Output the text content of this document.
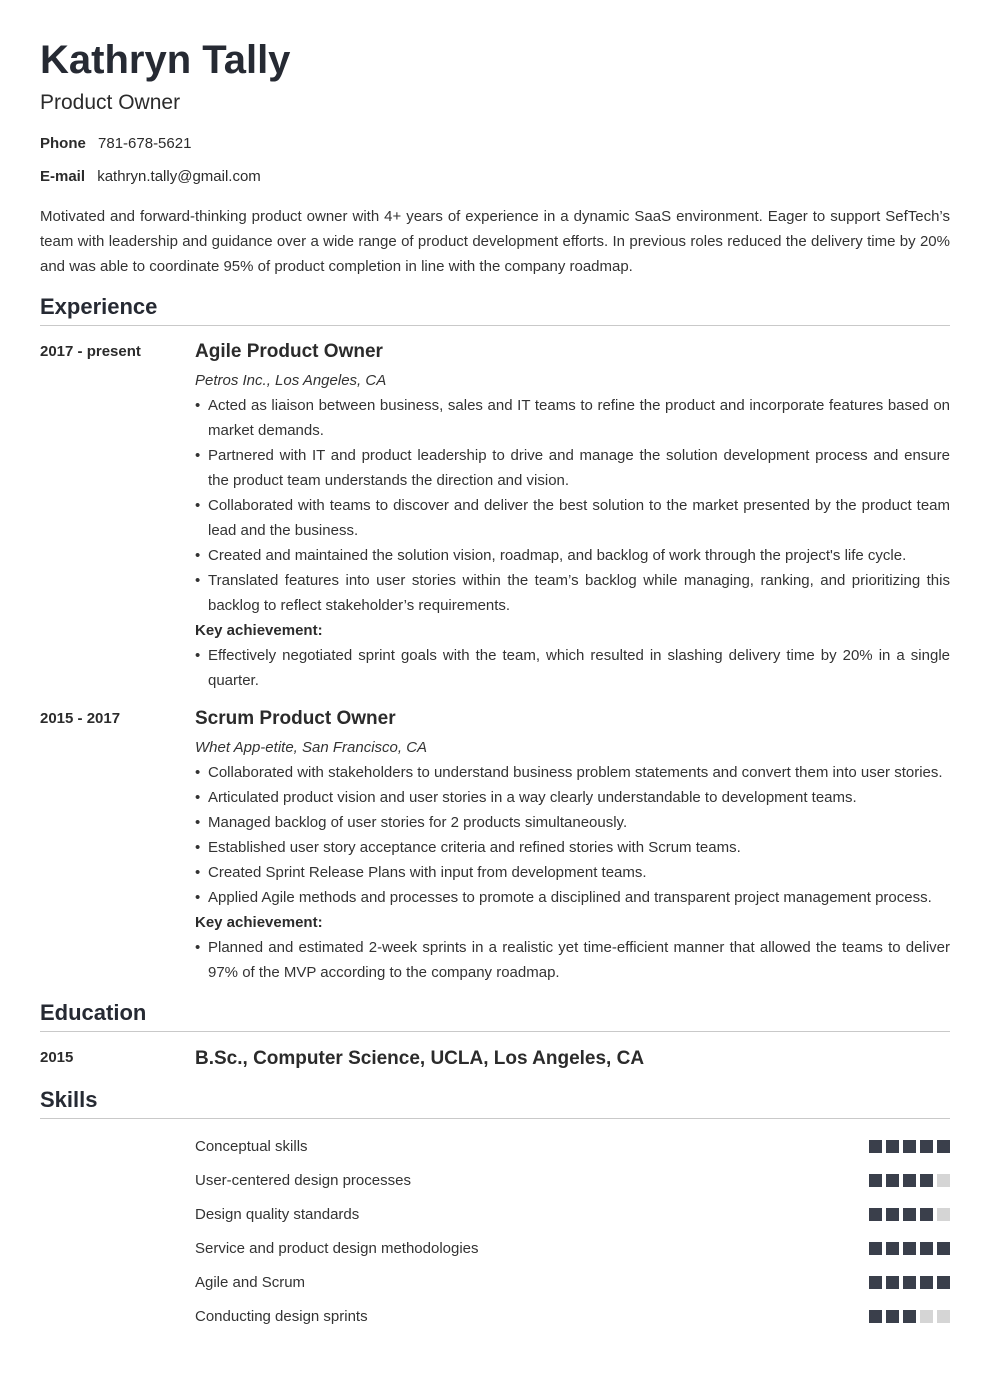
Kathryn Tally
Product Owner
Phone 781-678-5621
E-mail kathryn.tally@gmail.com
Motivated and forward-thinking product owner with 4+ years of experience in a dynamic SaaS environment. Eager to support SefTech’s team with leadership and guidance over a wide range of product development efforts. In previous roles reduced the delivery time by 20% and was able to coordinate 95% of product completion in line with the company roadmap.
Experience
2017 - present	Agile Product Owner
Petros Inc., Los Angeles, CA
• Acted as liaison between business, sales and IT teams to refine the product and incorporate features based on market demands.
• Partnered with IT and product leadership to drive and manage the solution development process and ensure the product team understands the direction and vision.
• Collaborated with teams to discover and deliver the best solution to the market presented by the product team lead and the business.
• Created and maintained the solution vision, roadmap, and backlog of work through the project's life cycle.
• Translated features into user stories within the team’s backlog while managing, ranking, and prioritizing this backlog to reflect stakeholder’s requirements.
Key achievement:
• Effectively negotiated sprint goals with the team, which resulted in slashing delivery time by 20% in a single quarter.
2015 - 2017	Scrum Product Owner
Whet App-etite, San Francisco, CA
• Collaborated with stakeholders to understand business problem statements and convert them into user stories.
• Articulated product vision and user stories in a way clearly understandable to development teams.
• Managed backlog of user stories for 2 products simultaneously.
• Established user story acceptance criteria and refined stories with Scrum teams.
• Created Sprint Release Plans with input from development teams.
• Applied Agile methods and processes to promote a disciplined and transparent project management process.
Key achievement:
• Planned and estimated 2-week sprints in a realistic yet time-efficient manner that allowed the teams to deliver 97% of the MVP according to the company roadmap.
Education
2015	B.Sc., Computer Science, UCLA, Los Angeles, CA
Skills
Conceptual skills
User-centered design processes
Design quality standards
Service and product design methodologies
Agile and Scrum
Conducting design sprints
